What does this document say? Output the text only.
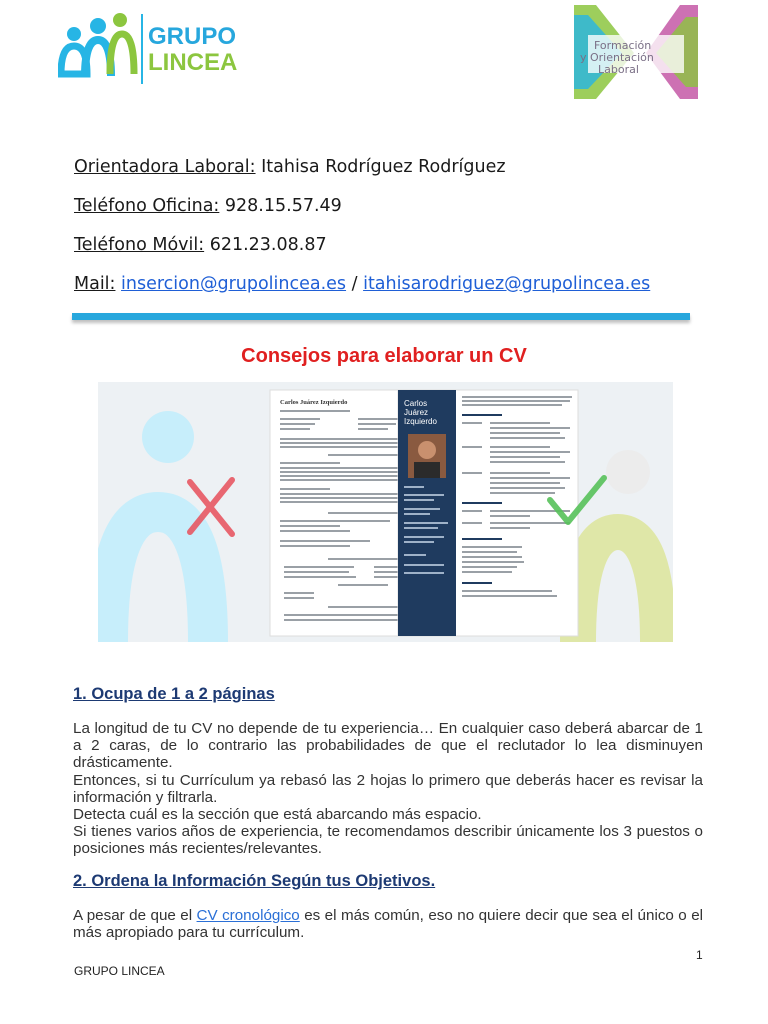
GRUPO
LINCEA
Formación
y Orientación
Laboral
Orientadora Laboral: Itahisa Rodríguez Rodríguez
Teléfono Oficina: 928.15.57.49
Teléfono Móvil: 621.23.08.87
Mail: insercion@grupolincea.es / itahisarodriguez@grupolincea.es
Consejos para elaborar un CV
Carlos Juárez Izquierdo	Carlos
Juárez
Izquierdo
1. Ocupa de 1 a 2 páginas

La longitud de tu CV no depende de tu experiencia… En cualquier caso deberá abarcar de 1 a 2 caras, de lo contrario las probabilidades de que el reclutador lo lea disminuyen drásticamente.

Entonces, si tu Currículum ya rebasó las 2 hojas lo primero que deberás hacer es revisar la información y filtrarla.

Detecta cuál es la sección que está abarcando más espacio.

Si tienes varios años de experiencia, te recomendamos describir únicamente los 3 puestos o posiciones más recientes/relevantes.

2. Ordena la Información Según tus Objetivos.

A pesar de que el CV cronológico es el más común, eso no quiere decir que sea el único o el más apropiado para tu currículum.

1
GRUPO LINCEA
